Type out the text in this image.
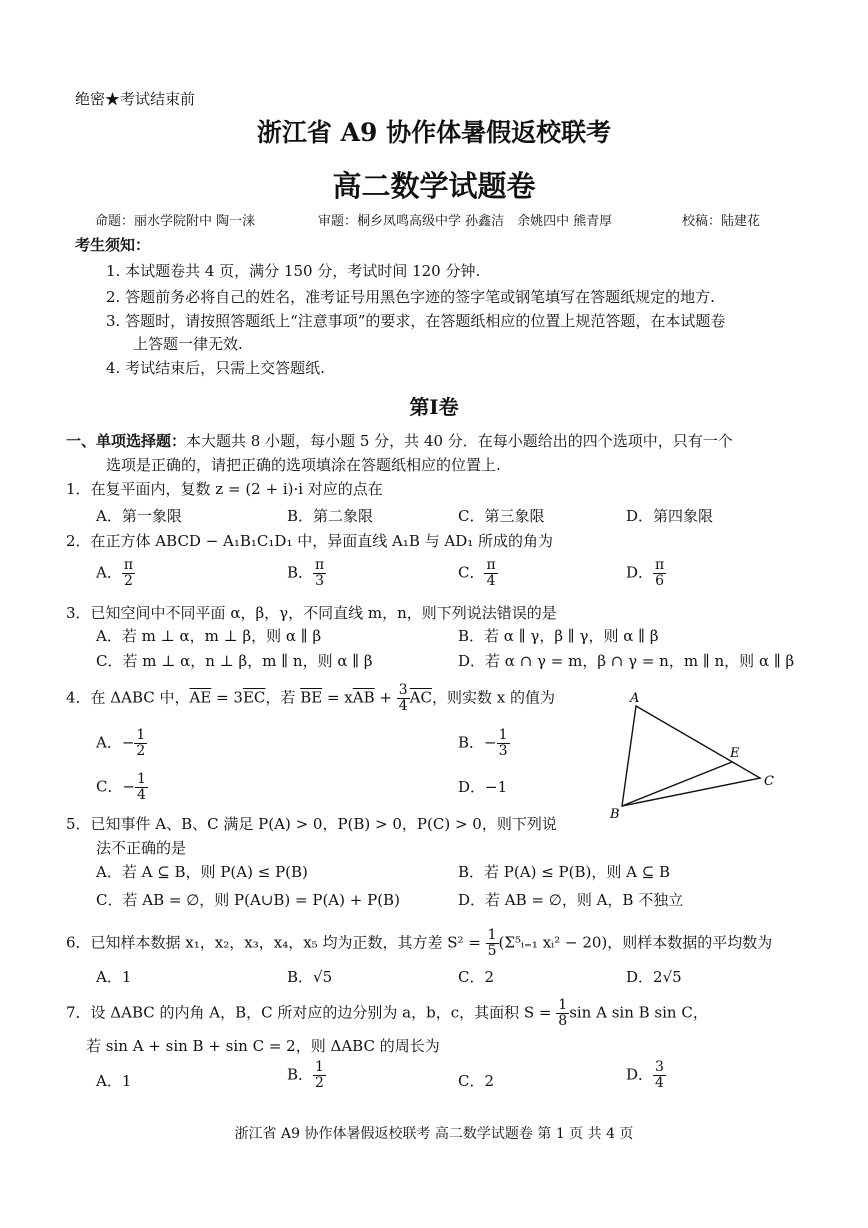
绝密★考试结束前
浙江省 A9 协作体暑假返校联考
高二数学试题卷
命题：丽水学院附中 陶一涞	审题：桐乡凤鸣高级中学 孙鑫洁　余姚四中 熊青厚	校稿：陆建花
考生须知：
1. 本试题卷共 4 页，满分 150 分，考试时间 120 分钟.
2. 答题前务必将自己的姓名，准考证号用黑色字迹的签字笔或钢笔填写在答题纸规定的地方.
3. 答题时，请按照答题纸上“注意事项”的要求，在答题纸相应的位置上规范答题，在本试题卷
上答题一律无效.
4. 考试结束后，只需上交答题纸.
第Ⅰ卷
一、单项选择题：本大题共 8 小题，每小题 5 分，共 40 分．在每小题给出的四个选项中，只有一个
选项是正确的，请把正确的选项填涂在答题纸相应的位置上.
1．在复平面内，复数 z = (2 + i)·i 对应的点在
A．第一象限	B．第二象限	C．第三象限	D．第四象限
2．在正方体 ABCD − A₁B₁C₁D₁ 中，异面直线 A₁B 与 AD₁ 所成的角为
A． $\frac{\pi}{2}$	B． $\frac{\pi}{3}$	C． $\frac{\pi}{4}$	D． $\frac{\pi}{6}$
3．已知空间中不同平面 α，β，γ，不同直线 m，n，则下列说法错误的是
A．若 m ⊥ α，m ⊥ β，则 α ∥ β	B．若 α ∥ γ，β ∥ γ，则 α ∥ β
C．若 m ⊥ α，n ⊥ β，m ∥ n，则 α ∥ β	D．若 α ∩ γ = m，β ∩ γ = n，m ∥ n，则 α ∥ β
4．在 ΔABC 中，$\overline{AE} = 3\overline{EC}$，若 $\overline{BE} = x\overline{AB} + \frac{3}{4} \overline{AC}$，则实数 x 的值为
A．− $\frac{1}{2}$	B．− $\frac{1}{3}$
C．− $\frac{1}{4}$	D．−1
A
C
E
B
5．已知事件 A、B、C 满足 P(A) > 0，P(B) > 0，P(C) > 0，则下列说
法不正确的是
A．若 A ⊆ B，则 P(A) ≤ P(B)	B．若 P(A) ≤ P(B)，则 A ⊆ B
C．若 AB = ∅，则 P(A∪B) = P(A) + P(B)	D．若 AB = ∅，则 A，B 不独立
6．已知样本数据 x₁，x₂，x₃，x₄，x₅ 均为正数，其方差 $S^2 = \frac{1}{5}$ (Σ⁵ᵢ₌₁ xᵢ² − 20)，则样本数据的平均数为
A．1	B．√5	C．2	D．2√5
7．设 ΔABC 的内角 A，B，C 所对应的边分别为 a，b，c，其面积 $S = \frac{1}{8}$ sin A sin B sin C，
若 sin A + sin B + sin C = 2，则 ΔABC 的周长为
A．1	B． $\frac{1}{2}$	C．2	D． $\frac{3}{4}$
浙江省 A9 协作体暑假返校联考 高二数学试题卷 第 1 页 共 4 页
